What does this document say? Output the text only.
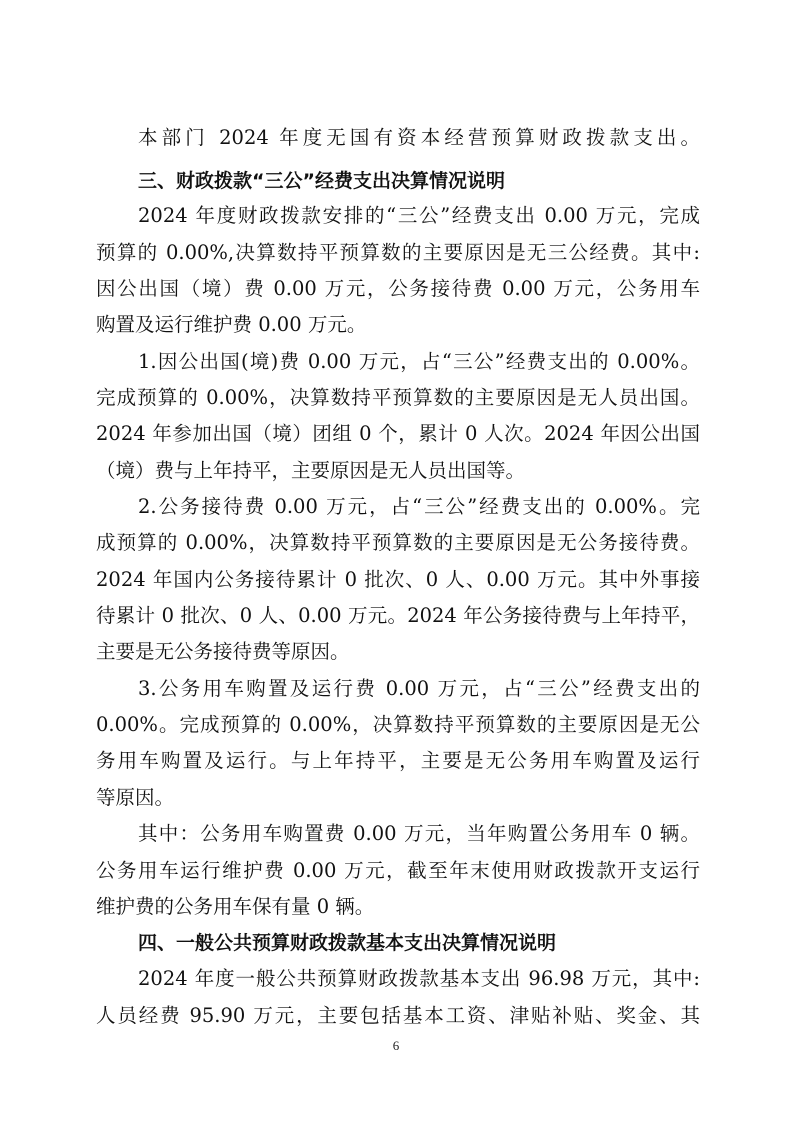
本部门 2024 年度无国有资本经营预算财政拨款支出。
三、财政拨款“三公”经费支出决算情况说明
2024 年度财政拨款安排的“三公”经费支出 0.00 万元，完成
预算的 0.00%,决算数持平预算数的主要原因是无三公经费。其中:
因公出国（境）费 0.00 万元，公务接待费 0.00 万元，公务用车
购置及运行维护费 0.00 万元。
1.因公出国(境)费 0.00 万元，占“三公”经费支出的 0.00%。
完成预算的 0.00%，决算数持平预算数的主要原因是无人员出国。
2024 年参加出国（境）团组 0 个，累计 0 人次。2024 年因公出国
（境）费与上年持平，主要原因是无人员出国等。
2.公务接待费 0.00 万元，占“三公”经费支出的 0.00%。完
成预算的 0.00%，决算数持平预算数的主要原因是无公务接待费。
2024 年国内公务接待累计 0 批次、0 人、0.00 万元。其中外事接
待累计 0 批次、0 人、0.00 万元。2024 年公务接待费与上年持平，
主要是无公务接待费等原因。
3.公务用车购置及运行费 0.00 万元，占“三公”经费支出的
0.00%。完成预算的 0.00%，决算数持平预算数的主要原因是无公
务用车购置及运行。与上年持平，主要是无公务用车购置及运行
等原因。
其中：公务用车购置费 0.00 万元，当年购置公务用车 0 辆。
公务用车运行维护费 0.00 万元，截至年末使用财政拨款开支运行
维护费的公务用车保有量 0 辆。
四、一般公共预算财政拨款基本支出决算情况说明
2024 年度一般公共预算财政拨款基本支出 96.98 万元，其中:
人员经费 95.90 万元，主要包括基本工资、津贴补贴、奖金、其
6
